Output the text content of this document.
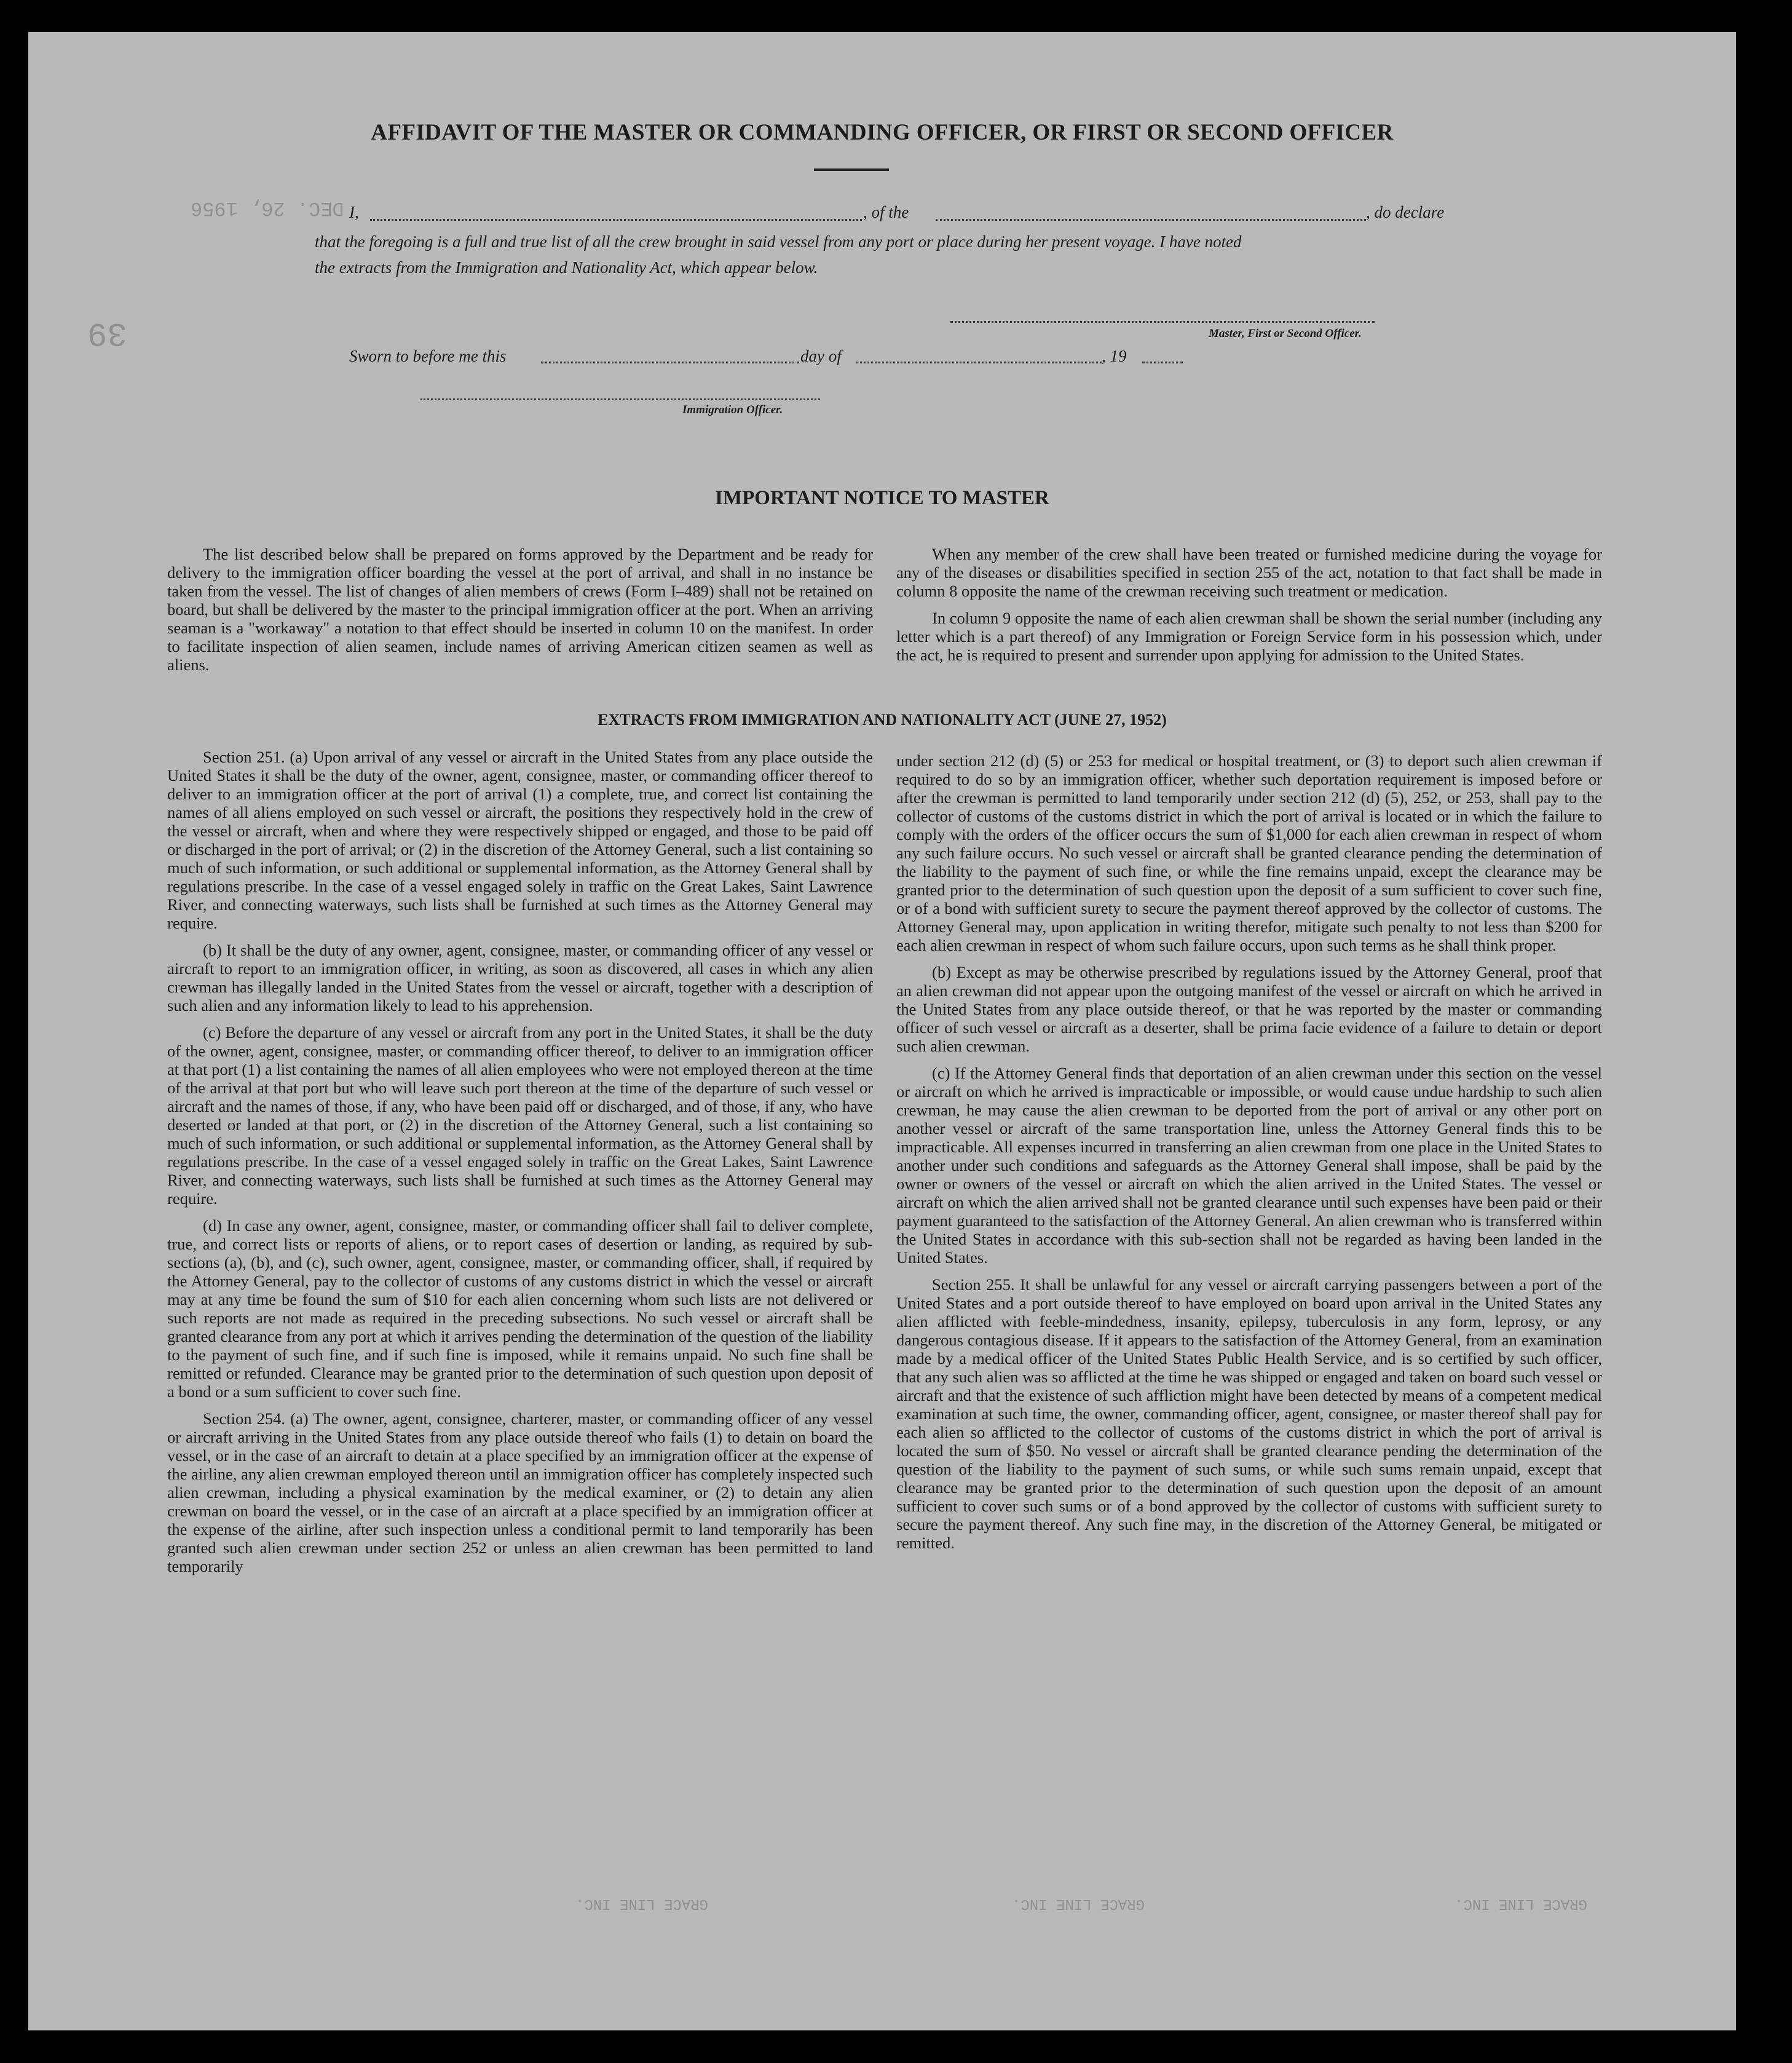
DEC. 26, 1956
39
GRACE LINE INC.	GRACE LINE INC.	GRACE LINE INC.
AFFIDAVIT OF THE MASTER OR COMMANDING OFFICER, OR FIRST OR SECOND OFFICER
I,	, of the	, do declare
that the foregoing is a full and true list of all the crew brought in said vessel from any port or place during her present voyage. I have noted
the extracts from the Immigration and Nationality Act, which appear below.
Master, First or Second Officer.
Sworn to before me this	day of	, 19
Immigration Officer.
IMPORTANT NOTICE TO MASTER

The list described below shall be prepared on forms approved by the Department and be ready for delivery to the immigration officer boarding the vessel at the port of arrival, and shall in no instance be taken from the vessel. The list of changes of alien members of crews (Form I–489) shall not be retained on board, but shall be delivered by the master to the principal immigration officer at the port. When an arriving seaman is a "workaway" a notation to that effect should be inserted in column 10 on the manifest. In order to facilitate inspection of alien seamen, include names of arriving American citizen seamen as well as aliens.

When any member of the crew shall have been treated or furnished medicine during the voyage for any of the diseases or disabilities specified in section 255 of the act, notation to that fact shall be made in column 8 opposite the name of the crewman receiving such treatment or medication.

In column 9 opposite the name of each alien crewman shall be shown the serial number (including any letter which is a part thereof) of any Immigration or Foreign Service form in his possession which, under the act, he is required to present and surrender upon applying for admission to the United States.

EXTRACTS FROM IMMIGRATION AND NATIONALITY ACT (JUNE 27, 1952)

Section 251. (a) Upon arrival of any vessel or aircraft in the United States from any place outside the United States it shall be the duty of the owner, agent, consignee, master, or commanding officer thereof to deliver to an immigration officer at the port of arrival (1) a complete, true, and correct list containing the names of all aliens employed on such vessel or aircraft, the positions they respectively hold in the crew of the vessel or aircraft, when and where they were respectively shipped or engaged, and those to be paid off or discharged in the port of arrival; or (2) in the discretion of the Attorney General, such a list containing so much of such information, or such additional or supplemental information, as the Attorney General shall by regulations prescribe. In the case of a vessel engaged solely in traffic on the Great Lakes, Saint Lawrence River, and connecting waterways, such lists shall be furnished at such times as the Attorney General may require.

(b) It shall be the duty of any owner, agent, consignee, master, or commanding officer of any vessel or aircraft to report to an immigration officer, in writing, as soon as discovered, all cases in which any alien crewman has illegally landed in the United States from the vessel or aircraft, together with a description of such alien and any information likely to lead to his apprehension.

(c) Before the departure of any vessel or aircraft from any port in the United States, it shall be the duty of the owner, agent, consignee, master, or commanding officer thereof, to deliver to an immigration officer at that port (1) a list containing the names of all alien employees who were not employed thereon at the time of the arrival at that port but who will leave such port thereon at the time of the departure of such vessel or aircraft and the names of those, if any, who have been paid off or discharged, and of those, if any, who have deserted or landed at that port, or (2) in the discretion of the Attorney General, such a list containing so much of such information, or such additional or supplemental information, as the Attorney General shall by regulations prescribe. In the case of a vessel engaged solely in traffic on the Great Lakes, Saint Lawrence River, and connecting waterways, such lists shall be furnished at such times as the Attorney General may require.

(d) In case any owner, agent, consignee, master, or commanding officer shall fail to deliver complete, true, and correct lists or reports of aliens, or to report cases of desertion or landing, as required by sub-sections (a), (b), and (c), such owner, agent, consignee, master, or commanding officer, shall, if required by the Attorney General, pay to the collector of customs of any customs district in which the vessel or aircraft may at any time be found the sum of $10 for each alien concerning whom such lists are not delivered or such reports are not made as required in the preceding subsections. No such vessel or aircraft shall be granted clearance from any port at which it arrives pending the determination of the question of the liability to the payment of such fine, and if such fine is imposed, while it remains unpaid. No such fine shall be remitted or refunded. Clearance may be granted prior to the determination of such question upon deposit of a bond or a sum sufficient to cover such fine.

Section 254. (a) The owner, agent, consignee, charterer, master, or commanding officer of any vessel or aircraft arriving in the United States from any place outside thereof who fails (1) to detain on board the vessel, or in the case of an aircraft to detain at a place specified by an immigration officer at the expense of the airline, any alien crewman employed thereon until an immigration officer has completely inspected such alien crewman, including a physical examination by the medical examiner, or (2) to detain any alien crewman on board the vessel, or in the case of an aircraft at a place specified by an immigration officer at the expense of the airline, after such inspection unless a conditional permit to land temporarily has been granted such alien crewman under section 252 or unless an alien crewman has been permitted to land temporarily

under section 212 (d) (5) or 253 for medical or hospital treatment, or (3) to deport such alien crewman if required to do so by an immigration officer, whether such deportation requirement is imposed before or after the crewman is permitted to land temporarily under section 212 (d) (5), 252, or 253, shall pay to the collector of customs of the customs district in which the port of arrival is located or in which the failure to comply with the orders of the officer occurs the sum of $1,000 for each alien crewman in respect of whom any such failure occurs. No such vessel or aircraft shall be granted clearance pending the determination of the liability to the payment of such fine, or while the fine remains unpaid, except the clearance may be granted prior to the determination of such question upon the deposit of a sum sufficient to cover such fine, or of a bond with sufficient surety to secure the payment thereof approved by the collector of customs. The Attorney General may, upon application in writing therefor, mitigate such penalty to not less than $200 for each alien crewman in respect of whom such failure occurs, upon such terms as he shall think proper.

(b) Except as may be otherwise prescribed by regulations issued by the Attorney General, proof that an alien crewman did not appear upon the outgoing manifest of the vessel or aircraft on which he arrived in the United States from any place outside thereof, or that he was reported by the master or commanding officer of such vessel or aircraft as a deserter, shall be prima facie evidence of a failure to detain or deport such alien crewman.

(c) If the Attorney General finds that deportation of an alien crewman under this section on the vessel or aircraft on which he arrived is impracticable or impossible, or would cause undue hardship to such alien crewman, he may cause the alien crewman to be deported from the port of arrival or any other port on another vessel or aircraft of the same transportation line, unless the Attorney General finds this to be impracticable. All expenses incurred in transferring an alien crewman from one place in the United States to another under such conditions and safeguards as the Attorney General shall impose, shall be paid by the owner or owners of the vessel or aircraft on which the alien arrived in the United States. The vessel or aircraft on which the alien arrived shall not be granted clearance until such expenses have been paid or their payment guaranteed to the satisfaction of the Attorney General. An alien crewman who is transferred within the United States in accordance with this sub-section shall not be regarded as having been landed in the United States.

Section 255. It shall be unlawful for any vessel or aircraft carrying passengers between a port of the United States and a port outside thereof to have employed on board upon arrival in the United States any alien afflicted with feeble-mindedness, insanity, epilepsy, tuberculosis in any form, leprosy, or any dangerous contagious disease. If it appears to the satisfaction of the Attorney General, from an examination made by a medical officer of the United States Public Health Service, and is so certified by such officer, that any such alien was so afflicted at the time he was shipped or engaged and taken on board such vessel or aircraft and that the existence of such affliction might have been detected by means of a competent medical examination at such time, the owner, commanding officer, agent, consignee, or master thereof shall pay for each alien so afflicted to the collector of customs of the customs district in which the port of arrival is located the sum of $50. No vessel or aircraft shall be granted clearance pending the determination of the question of the liability to the payment of such sums, or while such sums remain unpaid, except that clearance may be granted prior to the determination of such question upon the deposit of an amount sufficient to cover such sums or of a bond approved by the collector of customs with sufficient surety to secure the payment thereof. Any such fine may, in the discretion of the Attorney General, be mitigated or remitted.
